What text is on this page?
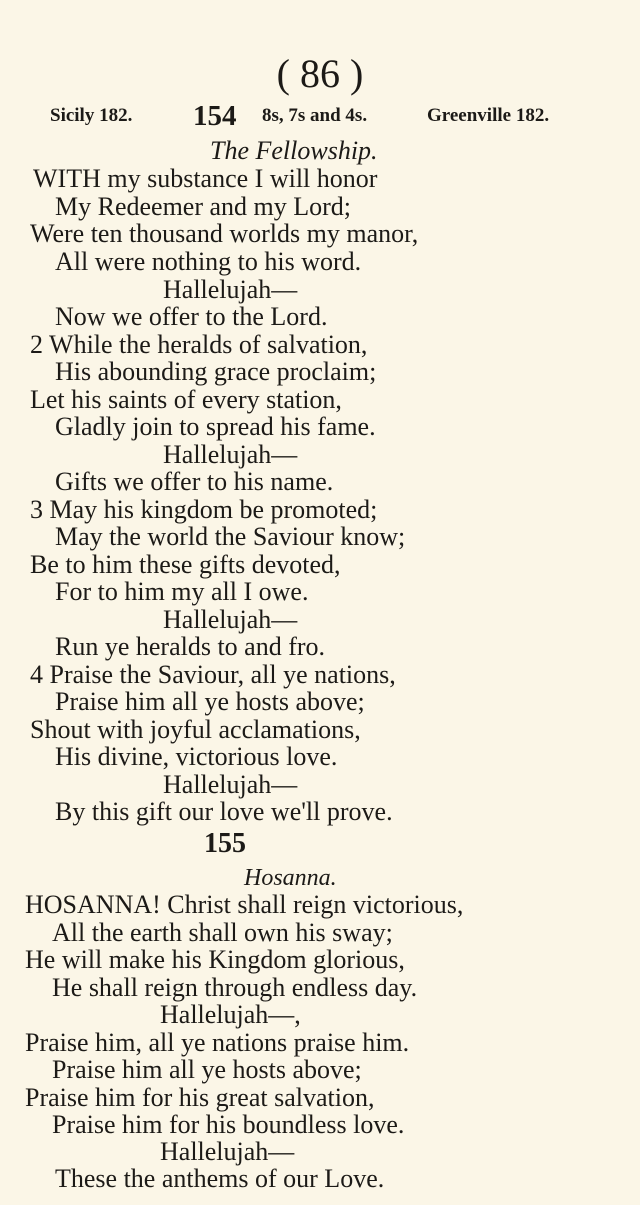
( 86 )
Sicily 182. 154 8s, 7s and 4s.	Greenville 182.
The Fellowship.
WITH my substance I will honor
My Redeemer and my Lord;
Were ten thousand worlds my manor,
All were nothing to his word.
Hallelujah—
Now we offer to the Lord.
2 While the heralds of salvation,
His abounding grace proclaim;
Let his saints of every station,
Gladly join to spread his fame.
Hallelujah—
Gifts we offer to his name.
3 May his kingdom be promoted;
May the world the Saviour know;
Be to him these gifts devoted,
For to him my all I owe.
Hallelujah—
Run ye heralds to and fro.
4 Praise the Saviour, all ye nations,
Praise him all ye hosts above;
Shout with joyful acclamations,
His divine, victorious love.
Hallelujah—
By this gift our love we'll prove.
155
Hosanna.
HOSANNA! Christ shall reign victorious,
All the earth shall own his sway;
He will make his Kingdom glorious,
He shall reign through endless day.
Hallelujah—,
Praise him, all ye nations praise him.
Praise him all ye hosts above;
Praise him for his great salvation,
Praise him for his boundless love.
Hallelujah—
These the anthems of our Love.
